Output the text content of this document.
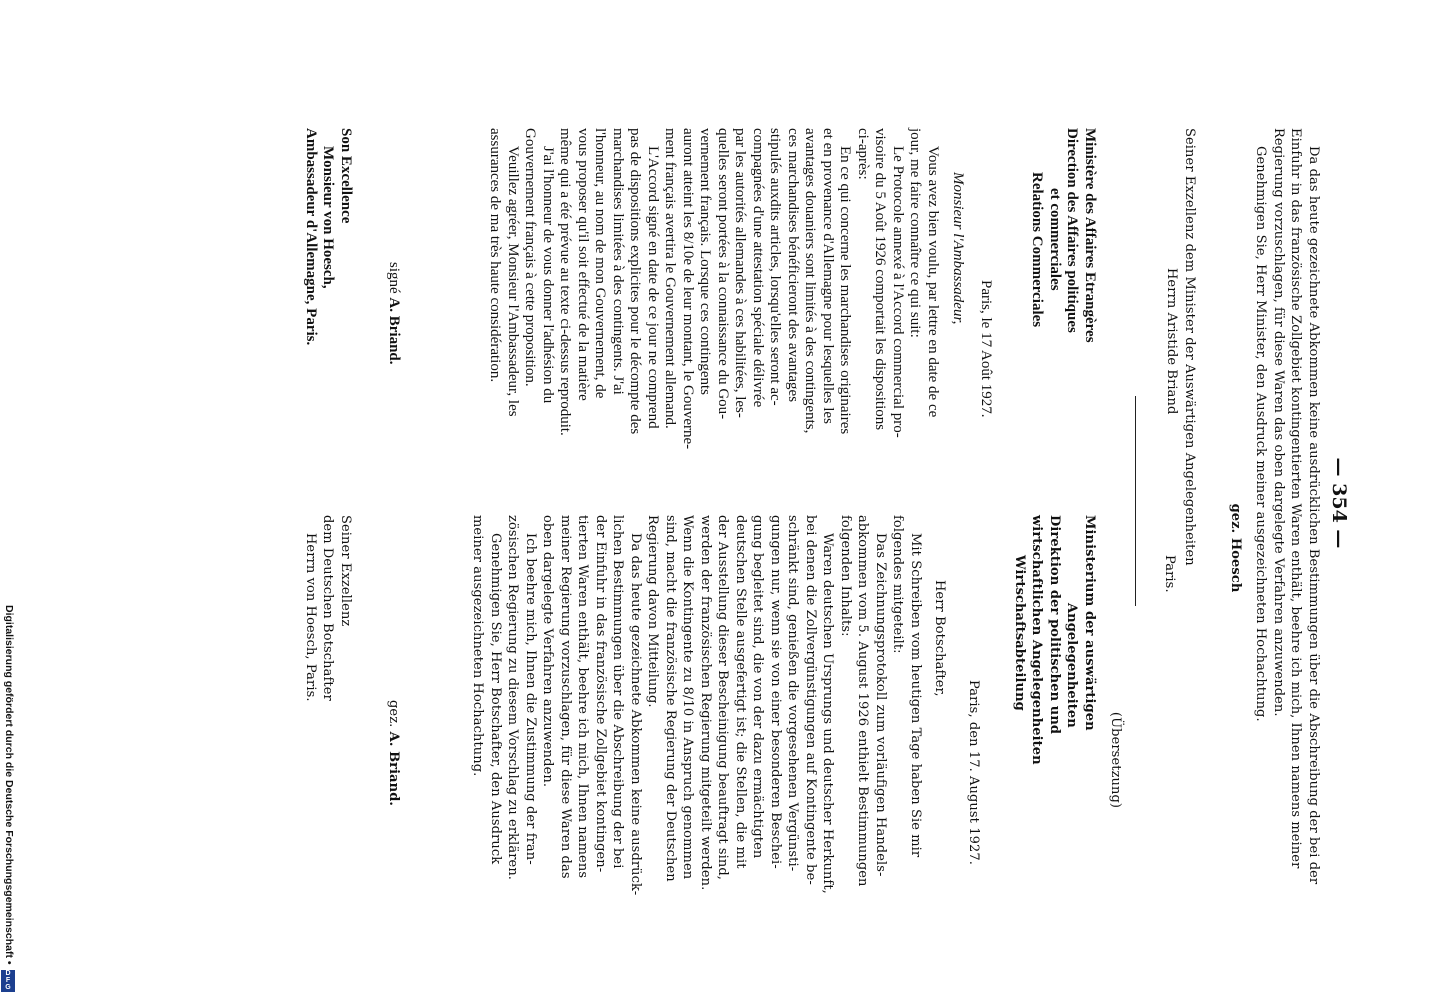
— 354 —
Da das heute gezeichnete Abkommen keine ausdrücklichen Bestimmungen über die Abschreibung der bei der
Einfuhr in das französische Zollgebiet kontingentierten Waren enthält, beehre ich mich, Ihnen namens meiner
Regierung vorzuschlagen, für diese Waren das oben dargelegte Verfahren anzuwenden.
Genehmigen Sie, Herr Minister, den Ausdruck meiner ausgezeichneten Hochachtung.
gez. Hoesch
Seiner Exzellenz dem Minister der Auswärtigen Angelegenheiten
Herrn Aristide Briand
Paris.
Ministère des Affaires Etrangères
Direction des Affaires politiques
et commerciales
Relations Commerciales
Paris, le 17 Août 1927.
Monsieur l'Ambassadeur,
Vous avez bien voulu, par lettre en date de ce
jour, me faire connaître ce qui suit:
Le Protocole annexé à l'Accord commercial pro-
visoire du 5 Août 1926 comportait les dispositions
ci-après:
En ce qui concerne les marchandises originaires
et en provenance d'Allemagne pour lesquelles les
avantages douaniers sont limités à des contingents,
ces marchandises bénéficieront des avantages
stipulés auxdits articles, lorsqu'elles seront ac-
compagnées d'une attestation spéciale délivrée
par les autorités allemandes à ces habilitées, les-
quelles seront portées à la connaissance du Gou-
vernement français. Lorsque ces contingents
auront atteint les 8/10e de leur montant, le Gouverne-
ment français avertira le Gouvernement allemand.
L'Accord signé en date de ce jour ne comprend
pas de dispositions explicites pour le décompte des
marchandises limitées à des contingents. J'ai
l'honneur, au nom de mon Gouvernement, de
vous proposer qu'il soit effectué de la matière
même qui a été prévue au texte ci-dessus reproduit.
J'ai l'honneur de vous donner l'adhésion du
Gouvernement français à cette proposition.
Veuillez agréer, Monsieur l'Ambassadeur, les
assurances de ma très haute considération.
signé A. Briand.
Son Excellence
Monsieur von Hoesch,
Ambassadeur d'Allemagne, Paris.
(Übersetzung)
Ministerium der auswärtigen
Angelegenheiten
Direktion der politischen und
wirtschaftlichen Angelegenheiten
Wirtschaftsabteilung
Paris, den 17. August 1927.
Herr Botschafter,
Mit Schreiben vom heutigen Tage haben Sie mir
folgendes mitgeteilt:
Das Zeichnungsprotokoll zum vorläufigen Handels-
abkommen vom 5. August 1926 enthielt Bestimmungen
folgenden Inhalts:
Waren deutschen Ursprungs und deutscher Herkunft,
bei denen die Zollvergünstigungen auf Kontingente be-
schränkt sind, genießen die vorgesehenen Vergünsti-
gungen nur, wenn sie von einer besonderen Beschei-
gung begleitet sind, die von der dazu ermächtigten
deutschen Stelle ausgefertigt ist; die Stellen, die mit
der Ausstellung dieser Bescheinigung beauftragt sind,
werden der französischen Regierung mitgeteilt werden.
Wenn die Kontingente zu 8/10 in Anspruch genommen
sind, macht die französische Regierung der Deutschen
Regierung davon Mitteilung.
Da das heute gezeichnete Abkommen keine ausdrück-
lichen Bestimmungen über die Abschreibung der bei
der Einfuhr in das französische Zollgebiet kontingen-
tierten Waren enthält, beehre ich mich, Ihnen namens
meiner Regierung vorzuschlagen, für diese Waren das
oben dargelegte Verfahren anzuwenden.
Ich beehre mich, Ihnen die Zustimmung der fran-
zösischen Regierung zu diesem Vorschlag zu erklären.
Genehmigen Sie, Herr Botschafter, den Ausdruck
meiner ausgezeichneten Hochachtung.
gez. A. Briand.
Seiner Exzellenz
dem Deutschen Botschafter
Herrn von Hoesch, Paris.
Digitalisierung gefördert durch die Deutsche Forschungsgemeinschaft •
D
F
G
